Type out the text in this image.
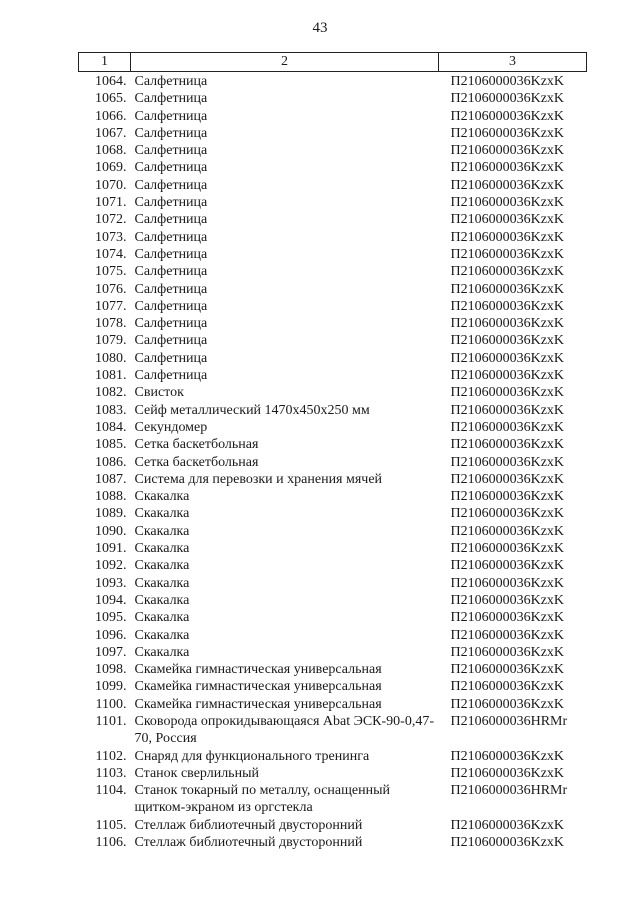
43
1	2	3
1064.	Салфетница	П2106000036KzxK
1065.	Салфетница	П2106000036KzxK
1066.	Салфетница	П2106000036KzxK
1067.	Салфетница	П2106000036KzxK
1068.	Салфетница	П2106000036KzxK
1069.	Салфетница	П2106000036KzxK
1070.	Салфетница	П2106000036KzxK
1071.	Салфетница	П2106000036KzxK
1072.	Салфетница	П2106000036KzxK
1073.	Салфетница	П2106000036KzxK
1074.	Салфетница	П2106000036KzxK
1075.	Салфетница	П2106000036KzxK
1076.	Салфетница	П2106000036KzxK
1077.	Салфетница	П2106000036KzxK
1078.	Салфетница	П2106000036KzxK
1079.	Салфетница	П2106000036KzxK
1080.	Салфетница	П2106000036KzxK
1081.	Салфетница	П2106000036KzxK
1082.	Свисток	П2106000036KzxK
1083.	Сейф металлический 1470х450х250 мм	П2106000036KzxK
1084.	Секундомер	П2106000036KzxK
1085.	Сетка баскетбольная	П2106000036KzxK
1086.	Сетка баскетбольная	П2106000036KzxK
1087.	Система для перевозки и хранения мячей	П2106000036KzxK
1088.	Скакалка	П2106000036KzxK
1089.	Скакалка	П2106000036KzxK
1090.	Скакалка	П2106000036KzxK
1091.	Скакалка	П2106000036KzxK
1092.	Скакалка	П2106000036KzxK
1093.	Скакалка	П2106000036KzxK
1094.	Скакалка	П2106000036KzxK
1095.	Скакалка	П2106000036KzxK
1096.	Скакалка	П2106000036KzxK
1097.	Скакалка	П2106000036KzxK
1098.	Скамейка гимнастическая универсальная	П2106000036KzxK
1099.	Скамейка гимнастическая универсальная	П2106000036KzxK
1100.	Скамейка гимнастическая универсальная	П2106000036KzxK
1101.	Сковорода опрокидывающаяся Abat ЭСК-90-0,47-70, Россия	П2106000036HRMr
1102.	Снаряд для функционального тренинга	П2106000036KzxK
1103.	Станок сверлильный	П2106000036KzxK
1104.	Станок токарный по металлу, оснащенный щитком-экраном из оргстекла	П2106000036HRMr
1105.	Стеллаж библиотечный двусторонний	П2106000036KzxK
1106.	Стеллаж библиотечный двусторонний	П2106000036KzxK
